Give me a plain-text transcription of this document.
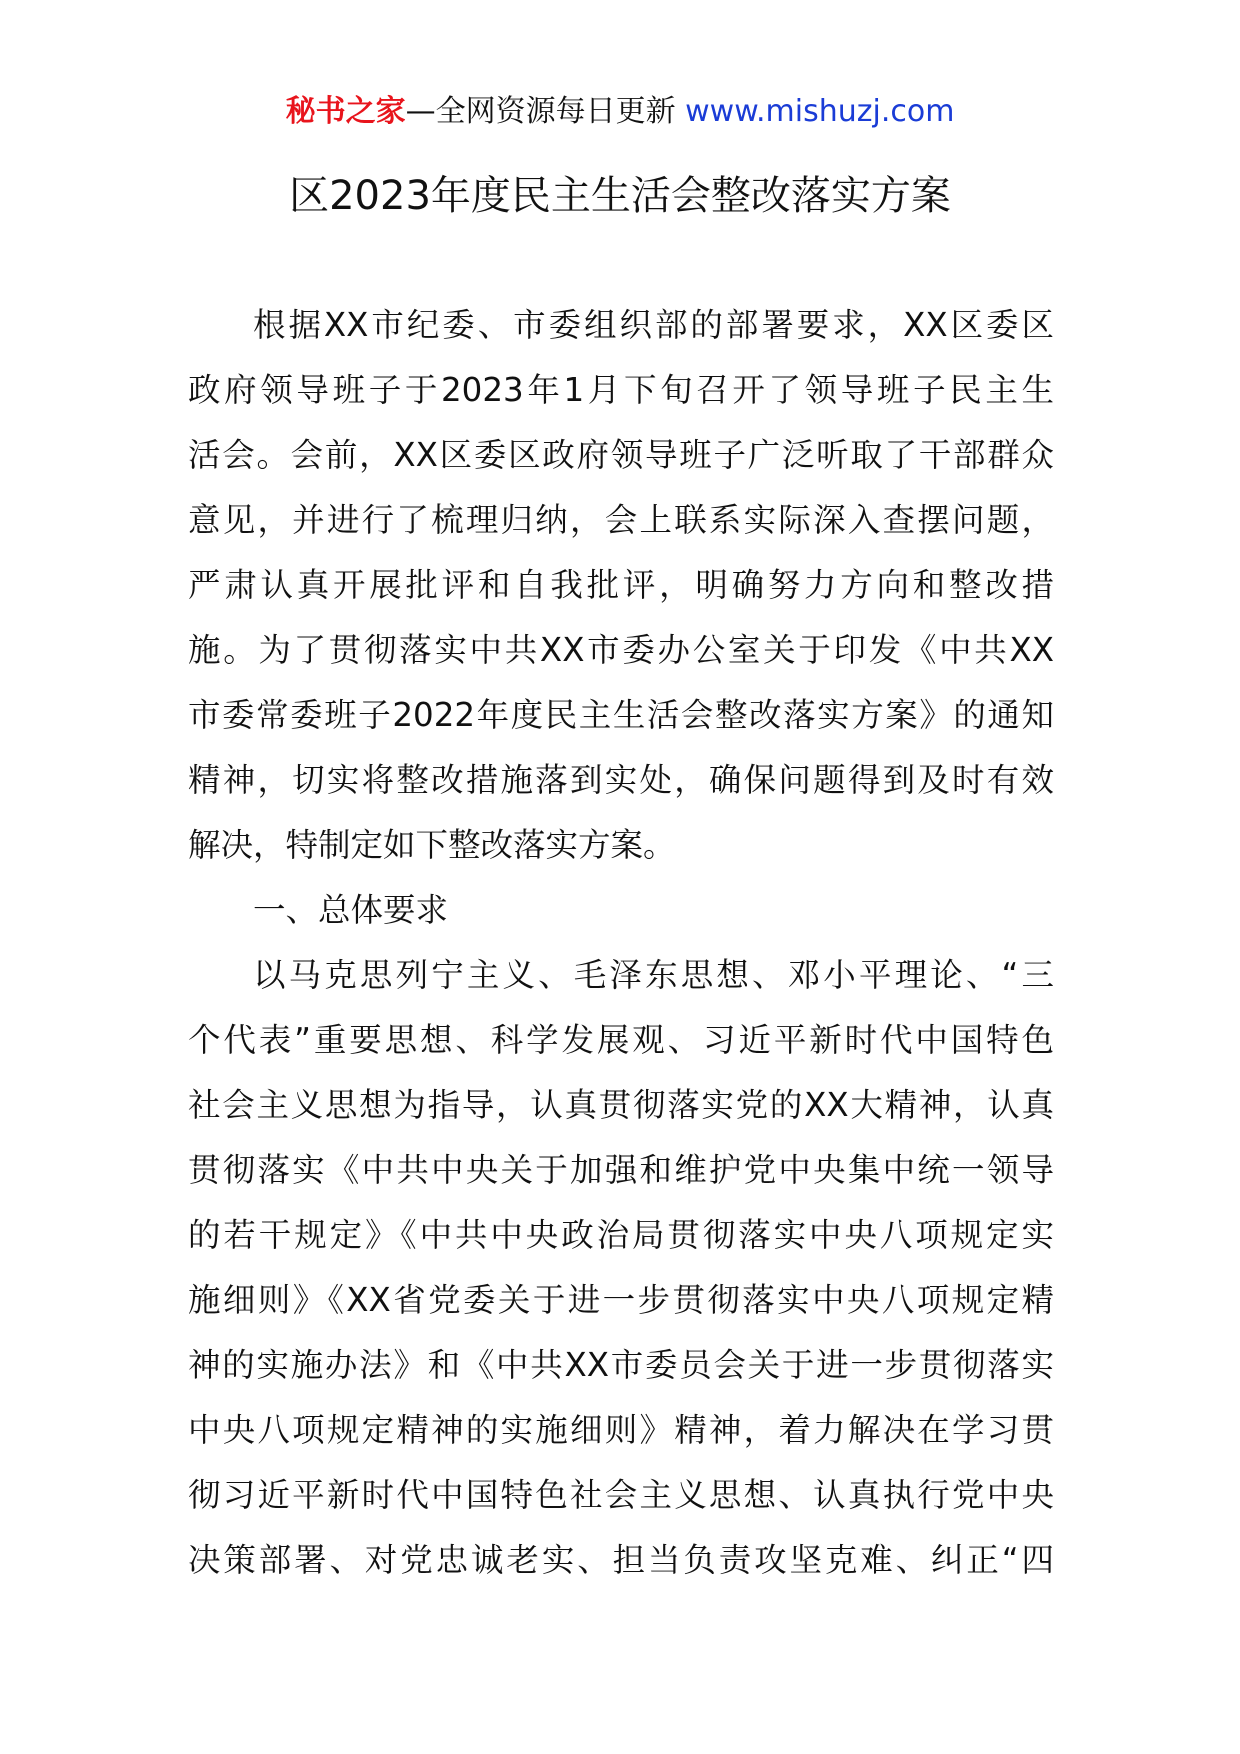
秘书之家—全网资源每日更新 www.mishuzj.com
区2023年度民主生活会整改落实方案
根据XX市纪委、市委组织部的部署要求，XX区委区
政府领导班子于2023年1月下旬召开了领导班子民主生
活会。会前，XX区委区政府领导班子广泛听取了干部群众
意见，并进行了梳理归纳，会上联系实际深入查摆问题，
严肃认真开展批评和自我批评，明确努力方向和整改措
施。为了贯彻落实中共XX市委办公室关于印发《中共XX
市委常委班子2022年度民主生活会整改落实方案》的通知
精神，切实将整改措施落到实处，确保问题得到及时有效
解决，特制定如下整改落实方案。
一、总体要求
以马克思列宁主义、毛泽东思想、邓小平理论、“三
个代表”重要思想、科学发展观、习近平新时代中国特色
社会主义思想为指导，认真贯彻落实党的XX大精神，认真
贯彻落实《中共中央关于加强和维护党中央集中统一领导
的若干规定》《中共中央政治局贯彻落实中央八项规定实
施细则》《XX省党委关于进一步贯彻落实中央八项规定精
神的实施办法》和《中共XX市委员会关于进一步贯彻落实
中央八项规定精神的实施细则》精神，着力解决在学习贯
彻习近平新时代中国特色社会主义思想、认真执行党中央
决策部署、对党忠诚老实、担当负责攻坚克难、纠正“四
